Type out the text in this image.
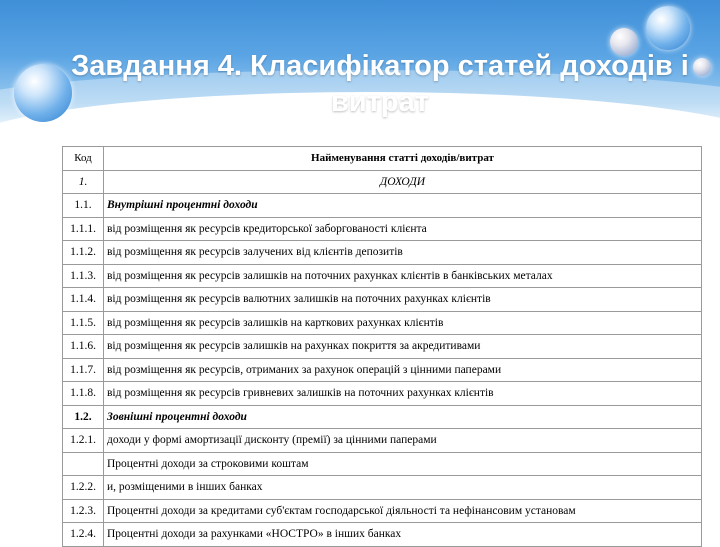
Завдання 4. Класифікатор статей доходів і витрат
Код	Найменування статті доходів/витрат
1.	ДОХОДИ
1.1.	Внутрішні процентні доходи
1.1.1.	від розміщення як ресурсів кредиторської заборгованості клієнта
1.1.2.	від розміщення як ресурсів залучених від клієнтів депозитів
1.1.3.	від розміщення як ресурсів залишків на поточних рахунках клієнтів в банківських металах
1.1.4.	від розміщення як ресурсів валютних залишків на поточних рахунках клієнтів
1.1.5.	від розміщення як ресурсів залишків на карткових рахунках клієнтів
1.1.6.	від розміщення як ресурсів залишків на рахунках покриття за акредитивами
1.1.7.	від розміщення як ресурсів, отриманих за рахунок операцій з цінними паперами
1.1.8.	від розміщення як ресурсів гривневих залишків на поточних рахунках клієнтів
1.2.	Зовнішні процентні доходи
1.2.1.	доходи у формі амортизації дисконту (премії) за цінними паперами
	Процентні доходи за строковими коштам
1.2.2.	и, розміщеними в інших банках
1.2.3.	Процентні доходи за кредитами суб'єктам господарської діяльності та нефінансовим установам
1.2.4.	Процентні доходи за рахунками «НОСТРО» в інших банках
